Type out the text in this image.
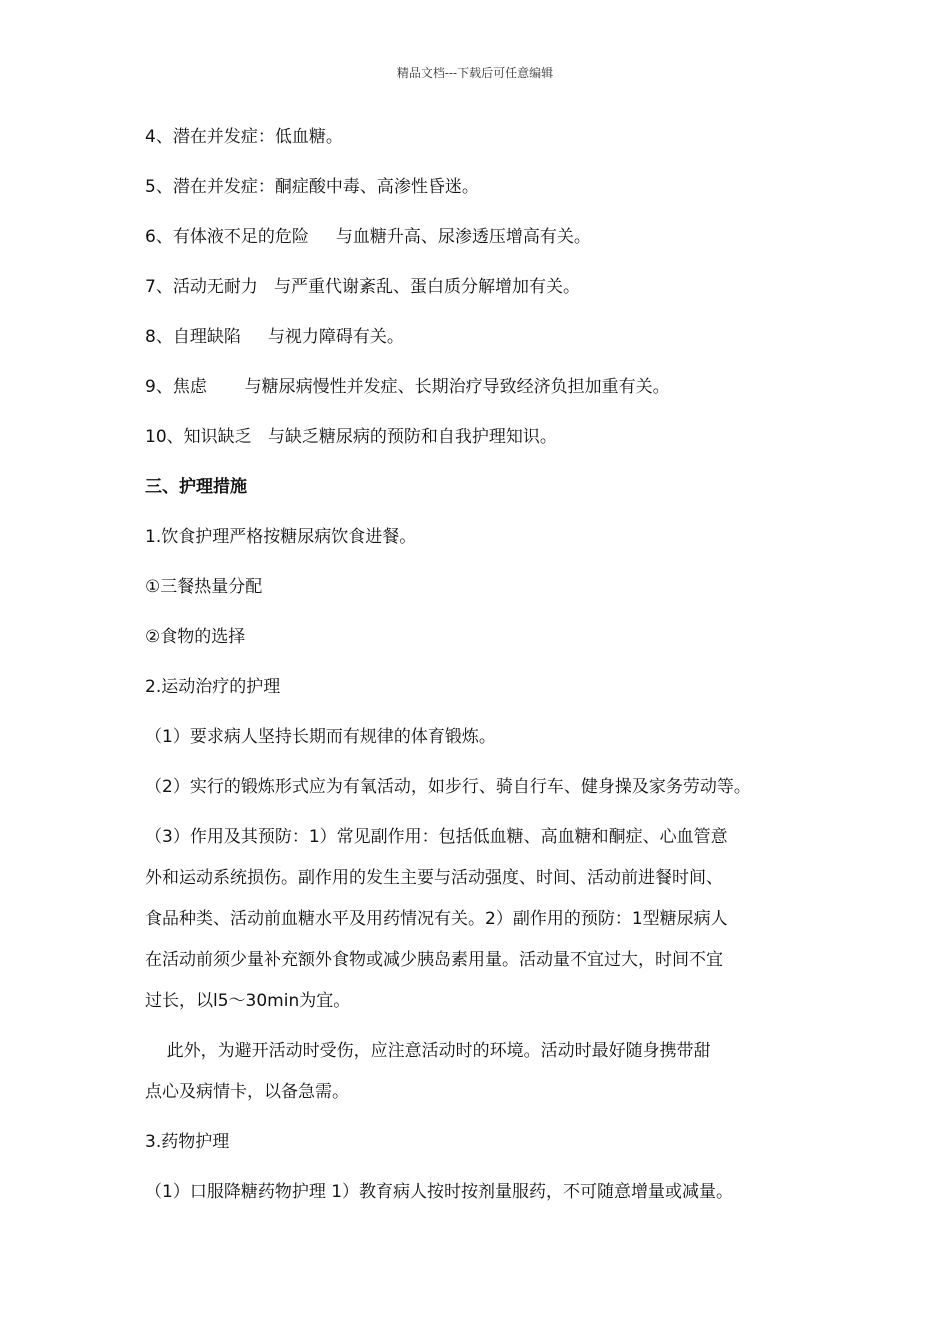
精品文档---下载后可任意编辑
4、潜在并发症：低血糖。
5、潜在并发症：酮症酸中毒、高渗性昏迷。
6、有体液不足的危险     与血糖升高、尿渗透压增高有关。
7、活动无耐力   与严重代谢紊乱、蛋白质分解增加有关。
8、自理缺陷     与视力障碍有关。
9、焦虑       与糖尿病慢性并发症、长期治疗导致经济负担加重有关。
10、知识缺乏   与缺乏糖尿病的预防和自我护理知识。
三、护理措施
1.饮食护理严格按糖尿病饮食进餐。
①三餐热量分配
②食物的选择
2.运动治疗的护理
（1）要求病人坚持长期而有规律的体育锻炼。
（2）实行的锻炼形式应为有氧活动，如步行、骑自行车、健身操及家务劳动等。
（3）作用及其预防：1）常见副作用：包括低血糖、高血糖和酮症、心血管意
外和运动系统损伤。副作用的发生主要与活动强度、时间、活动前进餐时间、
食品种类、活动前血糖水平及用药情况有关。2）副作用的预防：1型糖尿病人
在活动前须少量补充额外食物或减少胰岛素用量。活动量不宜过大，时间不宜
过长，以l5～30min为宜。
此外，为避开活动时受伤，应注意活动时的环境。活动时最好随身携带甜
点心及病情卡，以备急需。
3.药物护理
（1）口服降糖药物护理 1）教育病人按时按剂量服药，不可随意增量或减量。
